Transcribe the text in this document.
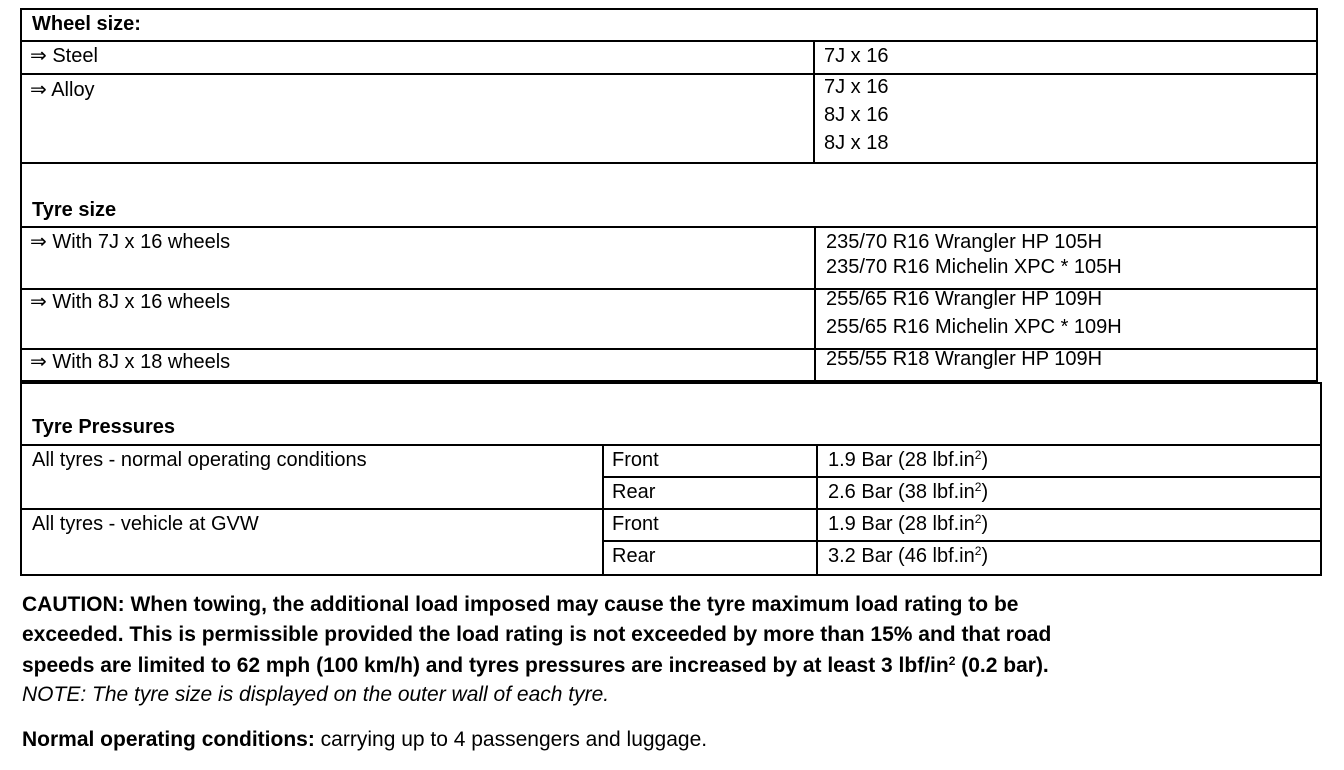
Wheel size:
⇒ Steel	7J x 16
⇒ Alloy	7J x 16
8J x 16
8J x 18
Tyre size
⇒ With 7J x 16 wheels	235/70 R16 Wrangler HP 105H
235/70 R16 Michelin XPC * 105H
⇒ With 8J x 16 wheels	255/65 R16 Wrangler HP 109H
255/65 R16 Michelin XPC * 109H
⇒ With 8J x 18 wheels	255/55 R18 Wrangler HP 109H
Tyre Pressures
All tyres - normal operating conditions	Front	1.9 Bar (28 $lbf.in^2$)
Rear	2.6 Bar (38 $lbf.in^2$)
All tyres - vehicle at GVW	Front	1.9 Bar (28 $lbf.in^2$)
Rear	3.2 Bar (46 $lbf.in^2$)
CAUTION: When towing, the additional load imposed may cause the tyre maximum load rating to be
exceeded. This is permissible provided the load rating is not exceeded by more than 15% and that road
speeds are limited to 62 mph (100 km/h) and tyres pressures are increased by at least 3 lbf/$in^2$ (0.2 bar).
NOTE: The tyre size is displayed on the outer wall of each tyre.
Normal operating conditions: carrying up to 4 passengers and luggage.
